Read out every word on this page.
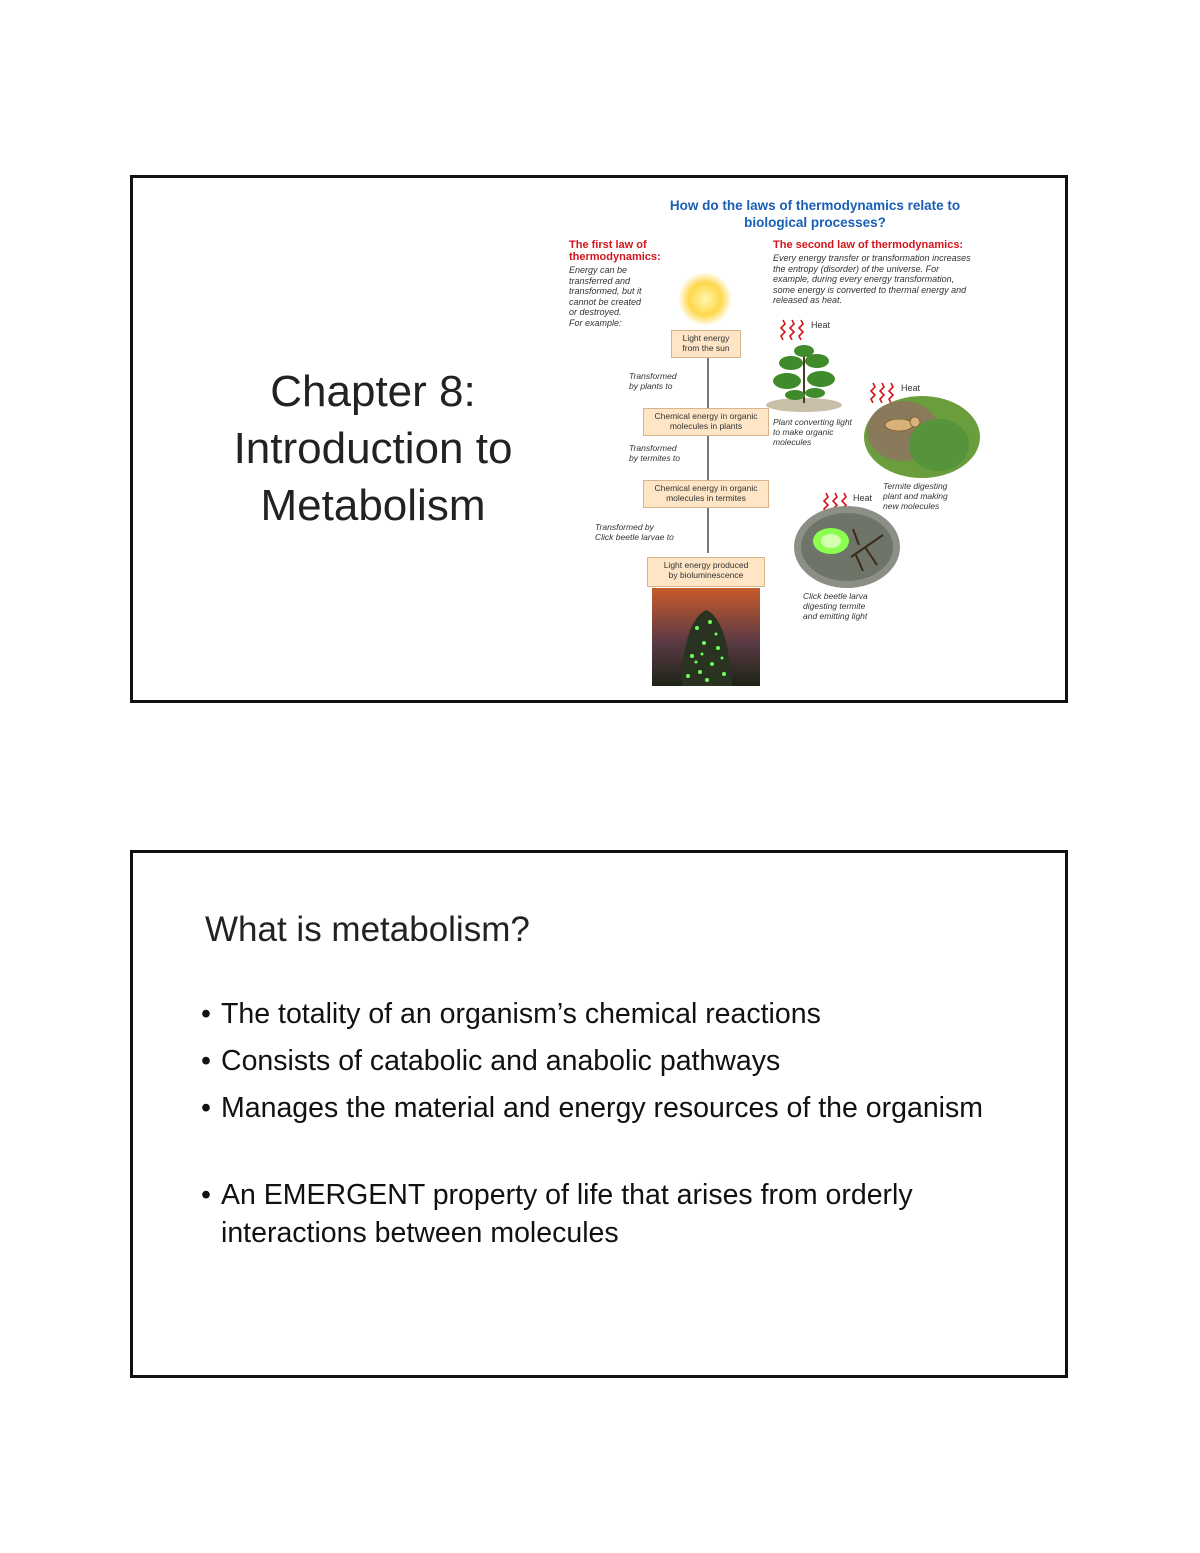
Chapter 8:
Introduction to
Metabolism
How do the laws of thermodynamics relate to
biological processes?
The first law of
thermodynamics:
Energy can be
transferred and
transformed, but it
cannot be created
or destroyed.
For example:
The second law of thermodynamics:
Every energy transfer or transformation increases
the entropy (disorder) of the universe. For
example, during every energy transformation,
some energy is converted to thermal energy and
released as heat.
Light energy
from the sun
Chemical energy in organic
molecules in plants
Chemical energy in organic
molecules in termites
Light energy produced
by bioluminescence
Transformed
by plants to
Transformed
by termites to
Transformed by
Click beetle larvae to
Heat
Plant converting light
to make organic
molecules
Heat
Termite digesting
plant and making
new molecules
Heat
Click beetle larva
digesting termite
and emitting light
What is metabolism?
• The totality of an organism’s chemical reactions
• Consists of catabolic and anabolic pathways
• Manages the material and energy resources of the organism
• An EMERGENT property of life that arises from orderly interactions between molecules
